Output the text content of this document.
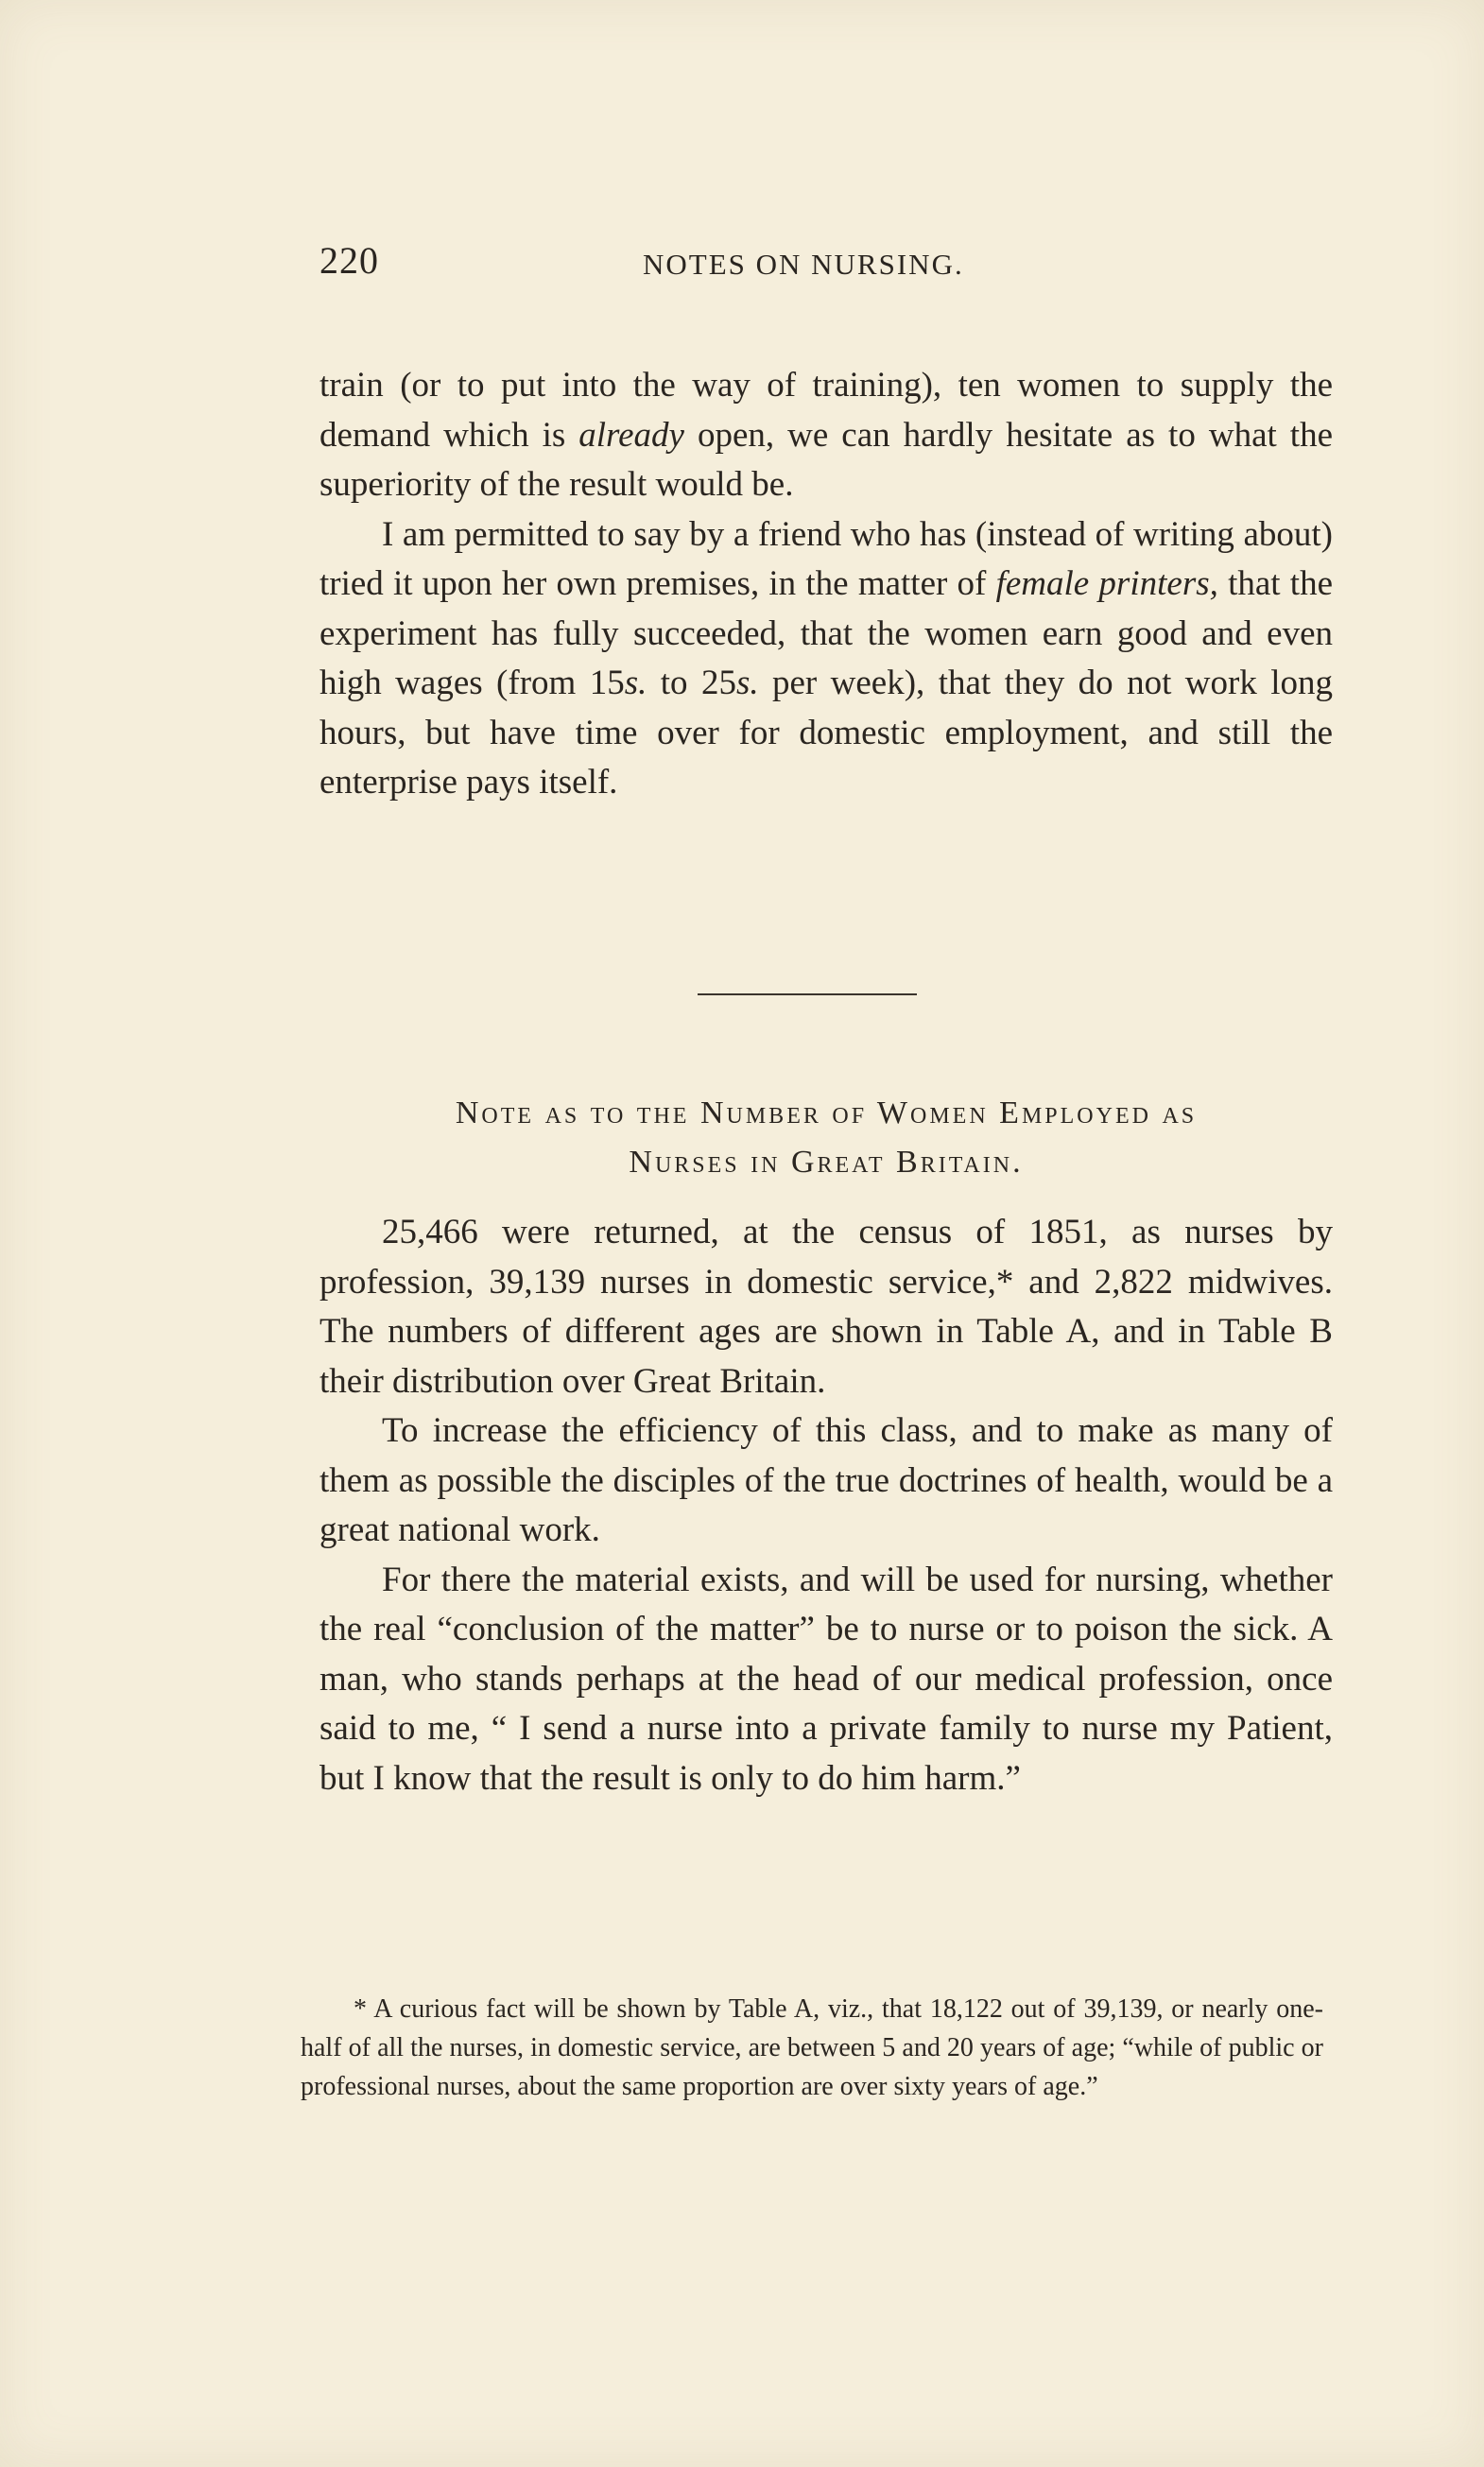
220	NOTES ON NURSING.

train (or to put into the way of training), ten women to supply the demand which is already open, we can hardly hesitate as to what the superiority of the result would be.

I am permitted to say by a friend who has (instead of writing about) tried it upon her own premises, in the matter of female printers, that the experiment has fully succeeded, that the women earn good and even high wages (from 15s. to 25s. per week), that they do not work long hours, but have time over for domestic employment, and still the enterprise pays itself.

Note as to the Number of Women Employed as
Nurses in Great Britain.

25,466 were returned, at the census of 1851, as nurses by profession, 39,139 nurses in domestic service,* and 2,822 midwives. The numbers of different ages are shown in Table A, and in Table B their distribution over Great Britain.

To increase the efficiency of this class, and to make as many of them as possible the disciples of the true doctrines of health, would be a great national work.

For there the material exists, and will be used for nursing, whether the real “conclusion of the matter” be to nurse or to poison the sick. A man, who stands perhaps at the head of our medical profession, once said to me, “ I send a nurse into a private family to nurse my Patient, but I know that the result is only to do him harm.”

* A curious fact will be shown by Table A, viz., that 18,122 out of 39,139, or nearly one-half of all the nurses, in domestic service, are between 5 and 20 years of age; “while of public or professional nurses, about the same proportion are over sixty years of age.”
